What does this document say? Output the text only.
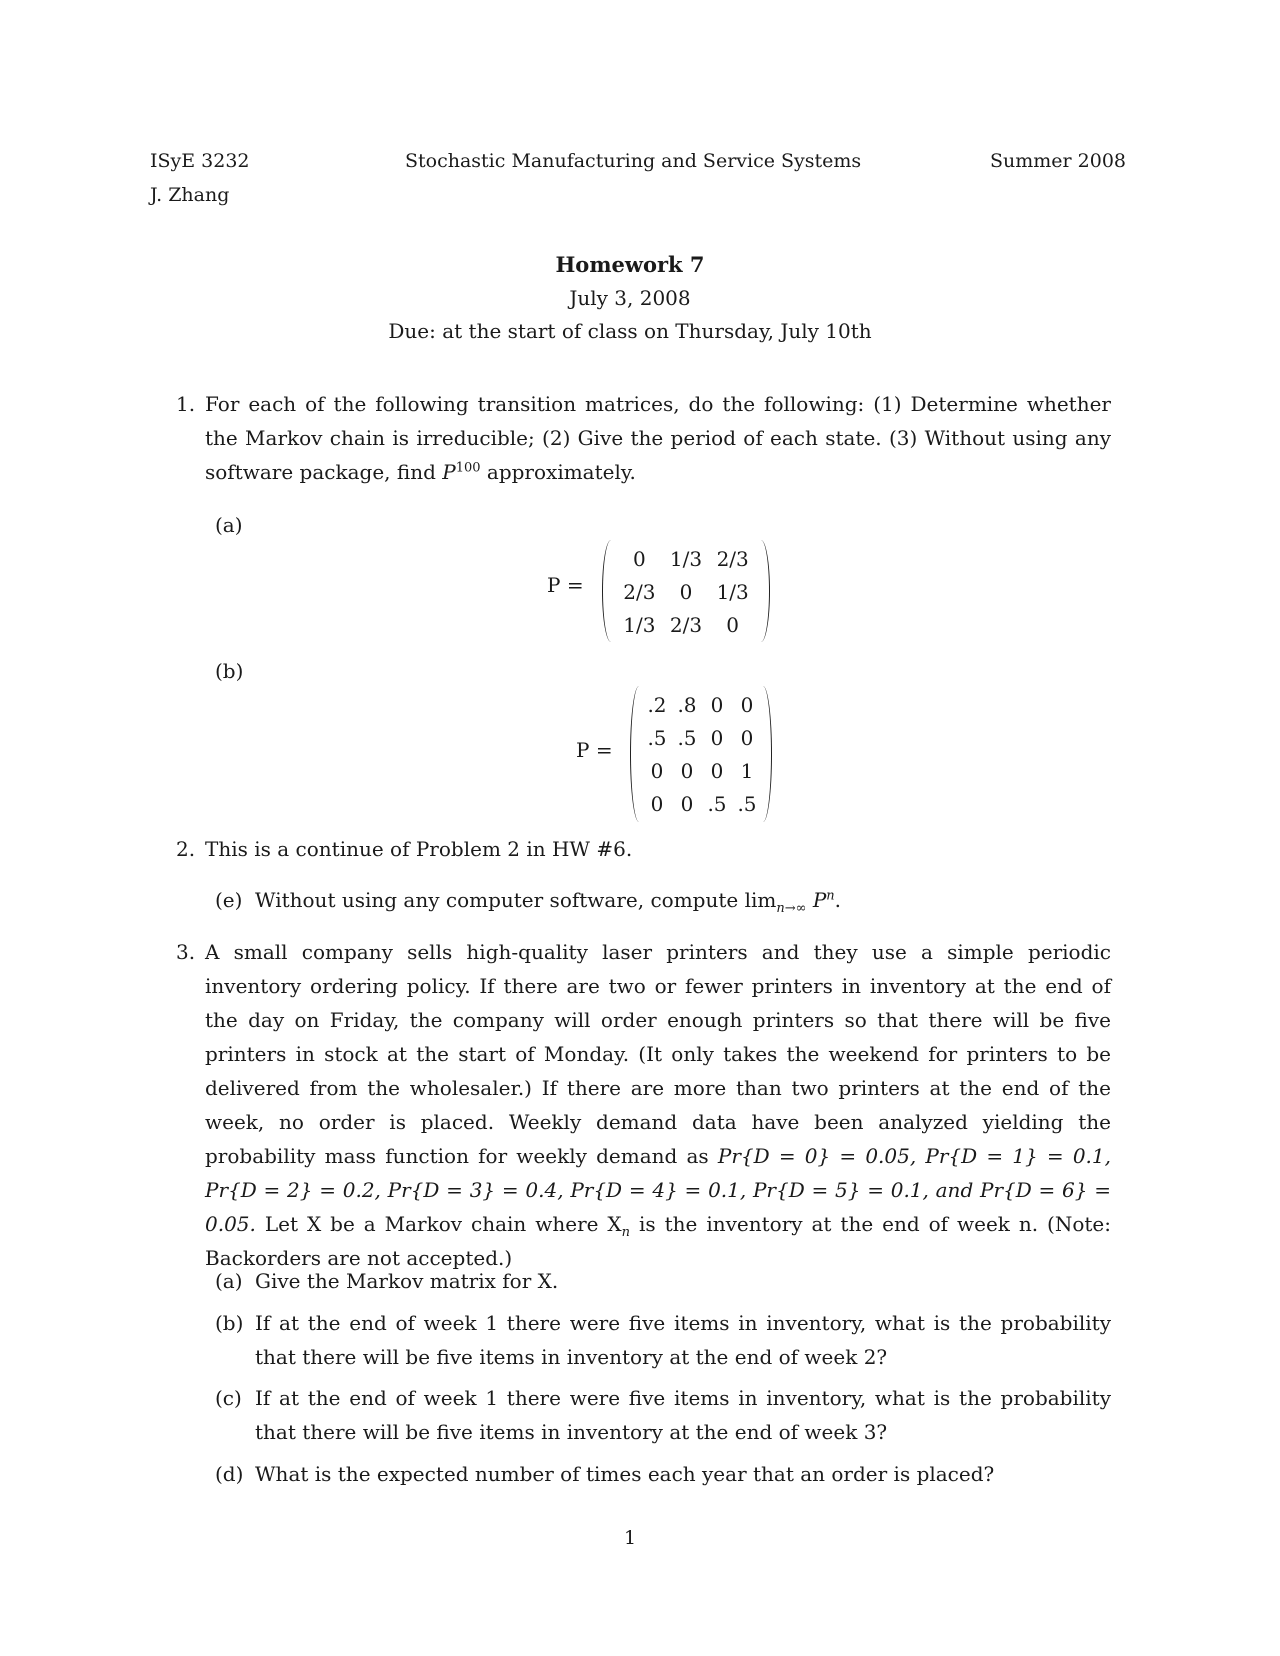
ISyE 3232
J. Zhang
Stochastic Manufacturing and Service Systems	Summer 2008
Homework 7
July 3, 2008
Due: at the start of class on Thursday, July 10th
1. For each of the following transition matrices, do the following: (1) Determine whether the Markov chain is irreducible; (2) Give the period of each state. (3) Without using any software package, find $P^{100}$ approximately.
(a)
P =
0	1/3	2/3
2/3	0	1/3
1/3	2/3	0
(b)
P =
.2	.8	0	0
.5	.5	0	0
0	0	0	1
0	0	.5	.5
2. This is a continue of Problem 2 in HW #6.
(e) Without using any computer software, compute $\lim_{n\to\infty} P^n$.
3. A small company sells high-quality laser printers and they use a simple periodic inventory ordering policy. If there are two or fewer printers in inventory at the end of the day on Friday, the company will order enough printers so that there will be five printers in stock at the start of Monday. (It only takes the weekend for printers to be delivered from the wholesaler.) If there are more than two printers at the end of the week, no order is placed. Weekly demand data have been analyzed yielding the probability mass function for weekly demand as Pr{D = 0} = 0.05, Pr{D = 1} = 0.1, Pr{D = 2} = 0.2, Pr{D = 3} = 0.4, Pr{D = 4} = 0.1, Pr{D = 5} = 0.1, and Pr{D = 6} = 0.05. Let X be a Markov chain where $X_n$ is the inventory at the end of week n. (Note: Backorders are not accepted.)
(a) Give the Markov matrix for X.
(b) If at the end of week 1 there were five items in inventory, what is the probability that there will be five items in inventory at the end of week 2?
(c) If at the end of week 1 there were five items in inventory, what is the probability that there will be five items in inventory at the end of week 3?
(d) What is the expected number of times each year that an order is placed?
1
